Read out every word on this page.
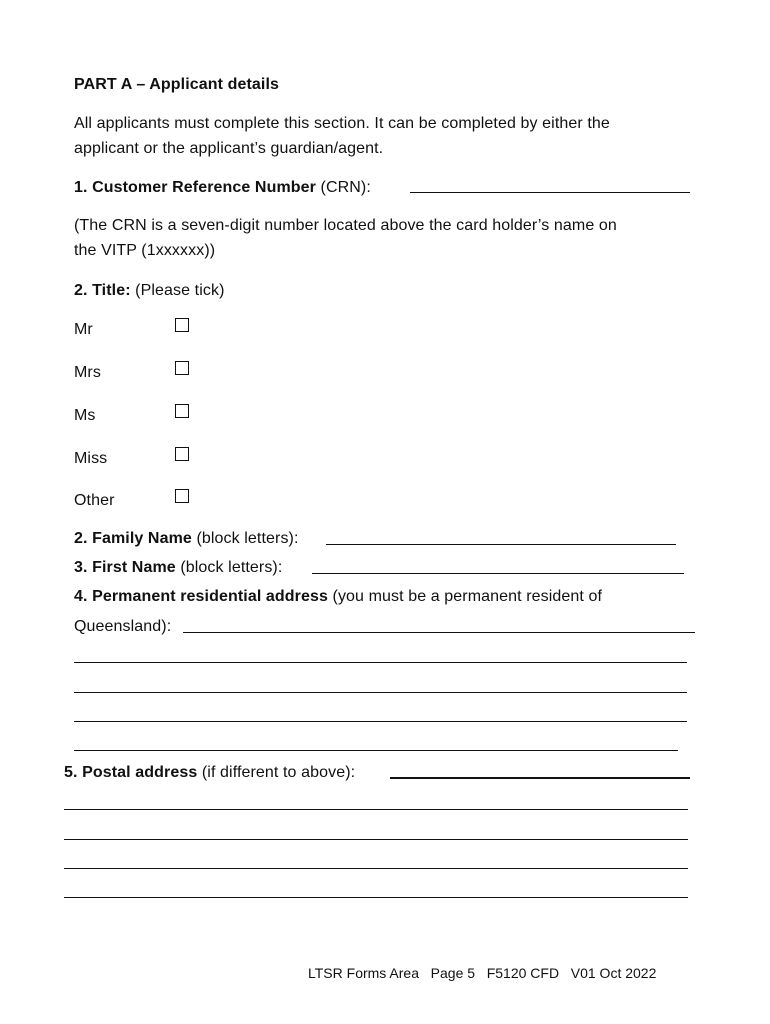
PART A – Applicant details
All applicants must complete this section. It can be completed by either the
applicant or the applicant’s guardian/agent.
1. Customer Reference Number (CRN):
(The CRN is a seven-digit number located above the card holder’s name on
the VITP (1xxxxxx))
2. Title: (Please tick)
Mr
Mrs
Ms
Miss
Other
2. Family Name (block letters):
3. First Name (block letters):
4. Permanent residential address (you must be a permanent resident of
Queensland):
5. Postal address (if different to above):
LTSR Forms Area Page 5 F5120 CFD V01 Oct 2022
